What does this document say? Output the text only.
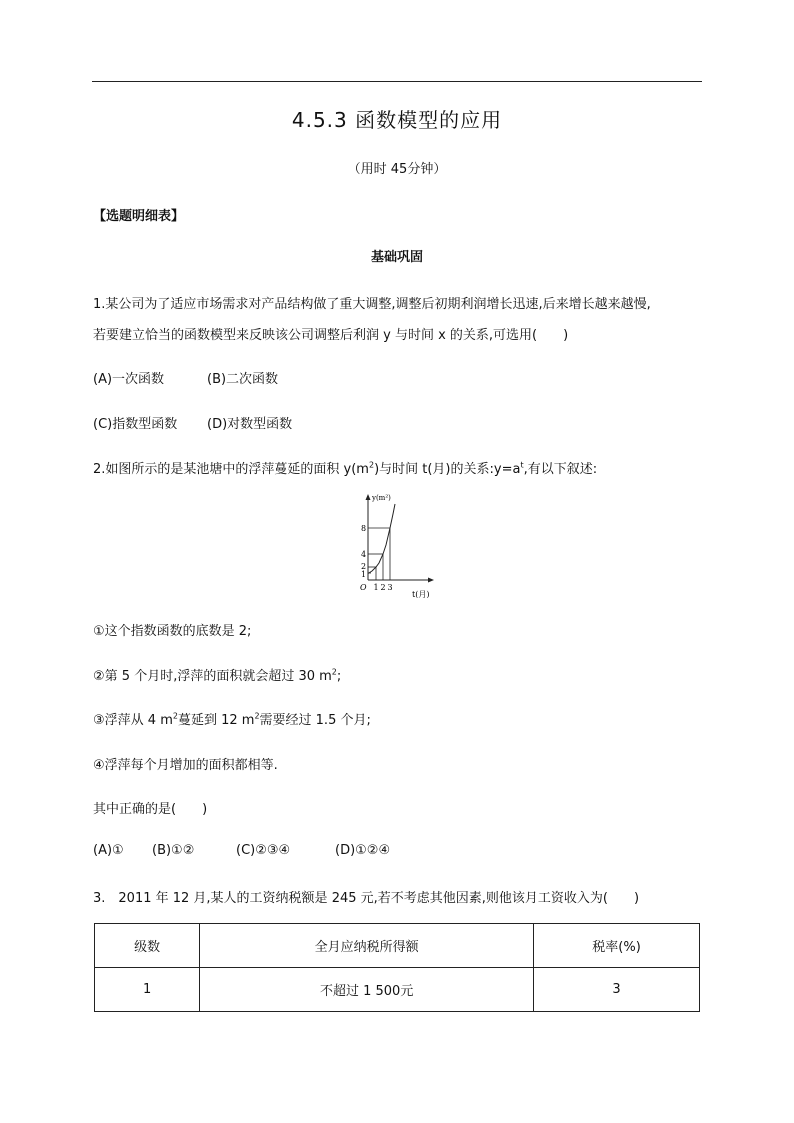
4.5.3 函数模型的应用
（用时 45分钟）
【选题明细表】
基础巩固
1.某公司为了适应市场需求对产品结构做了重大调整,调整后初期利润增长迅速,后来增长越来越慢,
若要建立恰当的函数模型来反映该公司调整后利润 y 与时间 x 的关系,可选用(　　)
(A)一次函数	(B)二次函数
(C)指数型函数 (D)对数型函数
2.如图所示的是某池塘中的浮萍蔓延的面积 $y(m^2)$与时间 t(月)的关系$:y=a^t$,有以下叙述:
y(m²)
8
4
2
1
O 1 2 3
t(月)
①这个指数函数的底数是 2;
②第 5 个月时,浮萍的面积就会超过 30 $m^2$;
③浮萍从 4 $m^2$蔓延到 12 $m^2$需要经过 1.5 个月;
④浮萍每个月增加的面积都相等.
其中正确的是(　　)
(A)① (B)①②	(C)②③④	(D)①②④
3.　2011 年 12 月,某人的工资纳税额是 245 元,若不考虑其他因素,则他该月工资收入为(　　)
级数	全月应纳税所得额	税率(%)
1	不超过 1 500元	3
